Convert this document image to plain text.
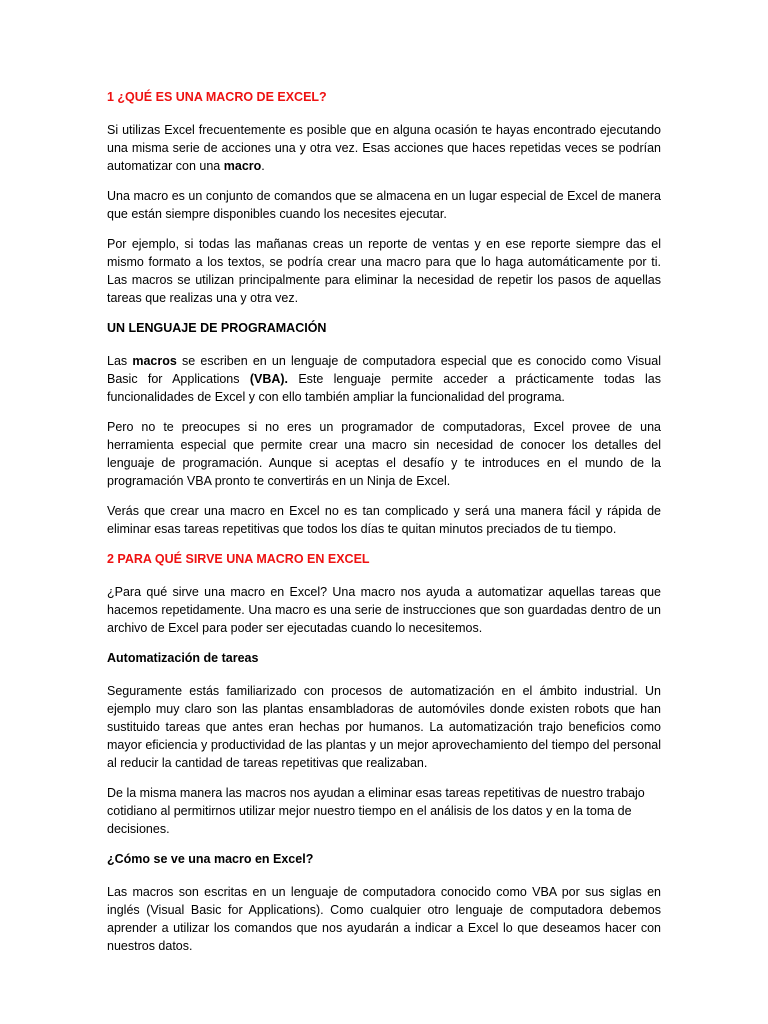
1 ¿QUÉ ES UNA MACRO DE EXCEL?

Si utilizas Excel frecuentemente es posible que en alguna ocasión te hayas encontrado ejecutando una misma serie de acciones una y otra vez. Esas acciones que haces repetidas veces se podrían automatizar con una macro.

Una macro es un conjunto de comandos que se almacena en un lugar especial de Excel de manera que están siempre disponibles cuando los necesites ejecutar.

Por ejemplo, si todas las mañanas creas un reporte de ventas y en ese reporte siempre das el mismo formato a los textos, se podría crear una macro para que lo haga automáticamente por ti. Las macros se utilizan principalmente para eliminar la necesidad de repetir los pasos de aquellas tareas que realizas una y otra vez.

UN LENGUAJE DE PROGRAMACIÓN

Las macros se escriben en un lenguaje de computadora especial que es conocido como Visual Basic for Applications (VBA). Este lenguaje permite acceder a prácticamente todas las funcionalidades de Excel y con ello también ampliar la funcionalidad del programa.

Pero no te preocupes si no eres un programador de computadoras, Excel provee de una herramienta especial que permite crear una macro sin necesidad de conocer los detalles del lenguaje de programación. Aunque si aceptas el desafío y te introduces en el mundo de la programación VBA pronto te convertirás en un Ninja de Excel.

Verás que crear una macro en Excel no es tan complicado y será una manera fácil y rápida de eliminar esas tareas repetitivas que todos los días te quitan minutos preciados de tu tiempo.

2 PARA QUÉ SIRVE UNA MACRO EN EXCEL

¿Para qué sirve una macro en Excel? Una macro nos ayuda a automatizar aquellas tareas que hacemos repetidamente. Una macro es una serie de instrucciones que son guardadas dentro de un archivo de Excel para poder ser ejecutadas cuando lo necesitemos.

Automatización de tareas

Seguramente estás familiarizado con procesos de automatización en el ámbito industrial. Un ejemplo muy claro son las plantas ensambladoras de automóviles donde existen robots que han sustituido tareas que antes eran hechas por humanos. La automatización trajo beneficios como mayor eficiencia y productividad de las plantas y un mejor aprovechamiento del tiempo del personal al reducir la cantidad de tareas repetitivas que realizaban.

De la misma manera las macros nos ayudan a eliminar esas tareas repetitivas de nuestro trabajo cotidiano al permitirnos utilizar mejor nuestro tiempo en el análisis de los datos y en la toma de decisiones.

¿Cómo se ve una macro en Excel?

Las macros son escritas en un lenguaje de computadora conocido como VBA por sus siglas en inglés (Visual Basic for Applications). Como cualquier otro lenguaje de computadora debemos aprender a utilizar los comandos que nos ayudarán a indicar a Excel lo que deseamos hacer con nuestros datos.
